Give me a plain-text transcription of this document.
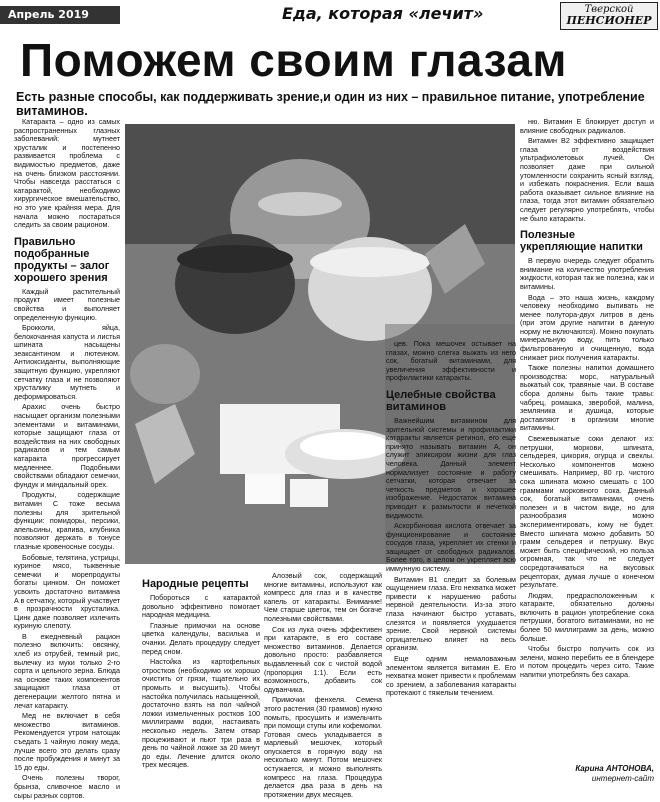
Апрель 2019 года
Еда, которая «лечит»	Тверской
ПЕНСИОНЕР
Поможем своим глазам
Есть разные способы, как поддерживать зрение,и один из них – правильное питание, употребление витаминов.

Катаракта – одно из самых распространенных глазных заболеваний: мутнеет хрусталик и постепенно развивается проблема с видимостью предметов, даже на очень близком расстоянии. Чтобы навсегда расстаться с катарактой, необходимо хирургическое вмешательство, но это уже крайняя мера. Для начала можно постараться следить за своим рационом.

Правильно подобранные продукты – залог хорошего зрения

Каждый растительный продукт имеет полезные свойства и выполняет определенную функцию.

Брокколи, яйца, белокочанная капуста и листья шпината насыщены зеаксантином и лютеином. Антиоксиданты, выполняющие защитную функцию, укрепляют сетчатку глаза и не позволяют хрусталику мутнеть и деформироваться.

Арахис очень быстро насыщает организм полезными элементами и витаминами, которые защищают глаза от воздействия на них свободных радикалов и тем самым катаракта прогрессирует медленнее. Подобными свойствами обладают семечки, фундук и миндальный орех.

Продукты, содержащие витамин C тоже весьма полезны для зрительной функции: помидоры, персики, апельсины, крапива, клубника позволяют держать в тонусе глазные кровеносные сосуды.

Бобовые, телятина, устрицы, куриное мясо, тыквенные семечки и морепродукты богаты цинком. Он поможет усвоить достаточно витамина A в сетчатку, который участвует в прозрачности хрусталика. Цинк даже позволяет излечить куриную слепоту.

В ежедневный рацион полезно включить: овсянку, хлеб из отрубей, темный рис, вылечку из муки только 2-го сорта и цельного зерна. Блюда на основе таких компонентов защищают глаза от дегенерации желтого пятна и лечат катаракту.

Мед не включает в себя множество витаминов. Рекомендуется утром натощак съедать 1 чайную ложку меда, лучше всего это делать сразу после пробуждения и минут за 15 до еды.

Очень полезны творог, брынза, сливочное масло и сыры разных сортов.

Народные рецепты

Побороться с катарактой довольно эффективно помогает народная медицина.

Глазные примочки на основе цветка календулы, василька и очанки. Делать процедуру следует перед сном.

Настойка из картофельных отростков (необходимо их хорошо очистить от грязи, тщательно их промыть и высушить). Чтобы настойка получилась насыщенной, достаточно взять на пол чайной ложки измельченных ростков 100 миллиграмм водки, настаивать несколько недель. Затем отвар процеживают и пьют три раза в день по чайной ложке за 20 минут до еды. Лечение длится около трех месяцев.

Алоэвый сок, содержащий многие витамины, используют как компресс для глаз и в качестве капель от катаракты. Внимание! Чем старше цветок, тем он богаче полезными свойствами.

Сок из лука очень эффективен при катаракте, в его составе множество витаминов. Делается довольно просто: разбавляется выдавленный сок с чистой водой (пропорция 1:1). Если есть возможность, добавить сок одуванчика.

Примочки фенхеля. Семена этого растения (30 граммов) нужно помыть, просушить и измельчить при помощи ступы или кофемолки. Готовая смесь укладывается в марлевый мешочек, который опускается в горячую воду на несколько минут. Потом мешочек остужается, и можно выполнять компресс на глаза. Процедура делается два раза в день на протяжении двух месяцев.

цев. Пока мешочек остывает на глазах, можно слегка выжать из него сок, богатый витаминами, для увеличения эффективности и профилактики катаракты.

Целебные свойства витаминов

Важнейшим витамином для зрительной системы и профилактики катаракты является ретинол, его еще принято называть витамин A, он служит эликсиром жизни для глаз человека. Данный элемент нормализует состояние и работу сетчатки, которая отвечает за четкость предметов и хорошее изображение. Недостаток витамина приводит к размытости и нечеткой видимости.

Аскорбиновая кислота отвечает за функционирование и состояние сосудов глаза, укрепляет их стенки и защищает от свободных радикалов. Более того, в целом он укрепляет всю иммунную систему.

Витамин B1 следит за болевым ощущением глаза. Его нехватка может привести к нарушению работы нервной деятельности. Из-за этого глаза начинают быстро уставать, слезятся и появляется ухудшается зрение. Свой нервной системы отрицательно влияет на весь организм.

Еще одним немаловажным элементом является витамин E. Его нехватка может привести к проблемам со зрением, а заболевания катаракты протекают с тяжелым течением.

ню. Витамин E блокирует доступ и влияние свободных радикалов.

Витамин B2 эффективно защищает глаза от воздействия ультрафиолетовых лучей. Он позволяет даже при сильной утомленности сохранить ясный взгляд, и избежать покраснения. Если ваша работа оказывает сильное влияние на глаза, тогда этот витамин обязательно следует регулярно употреблять, чтобы не было катаракты.

Полезные укрепляющие напитки

В первую очередь следует обратить внимание на количество употребления жидкости, которая так же полезна, как и витамины.

Вода – это наша жизнь, каждому человеку необходимо выпивать не менее полутора-двух литров в день (при этом другие напитки в данную норму не включаются). Можно покупать минеральную воду, пить только фильтрованную и очищенную, вода снижает риск получения катаракты.

Также полезны напитки домашнего производства: морс, натуральный выжатый сок, травяные чаи. В составе сбора должны быть такие травы: чабрец, ромашка, зверобой, малина, земляника и душица, которые доставляют в организм многие витамины.

Свежевыжатые соки делают из: петрушки, моркови, шпината, сельдерея, цикория, огурца и свеклы. Несколько компонентов можно смешивать. Например, 80 гр. чистого сока шпината можно смешать с 100 граммами морковного сока. Данный сок, богатый витаминами, очень полезен и в чистом виде, но для разнообразия можно экспериментировать, кому не будет. Вместо шпината можно добавить 50 грамм сельдерея и петрушку. Вкус может быть специфический, но польза огромная, так что не следует сосредотачиваться на вкусовых рецепторах, думая лучше о конечном результате.

Людям, предрасположенным к катаракте, обязательно должны включить в рацион употребление сока петрушки, богатого витаминами, но не более 50 миллиграмм за день, можно больше.

Чтобы быстро получить сок из зелени, можно перебить ее в блендере и потом процедить через сито. Такие напитки употреблять без сахара.

Карина АНТОНОВА,
интернет-сайт
